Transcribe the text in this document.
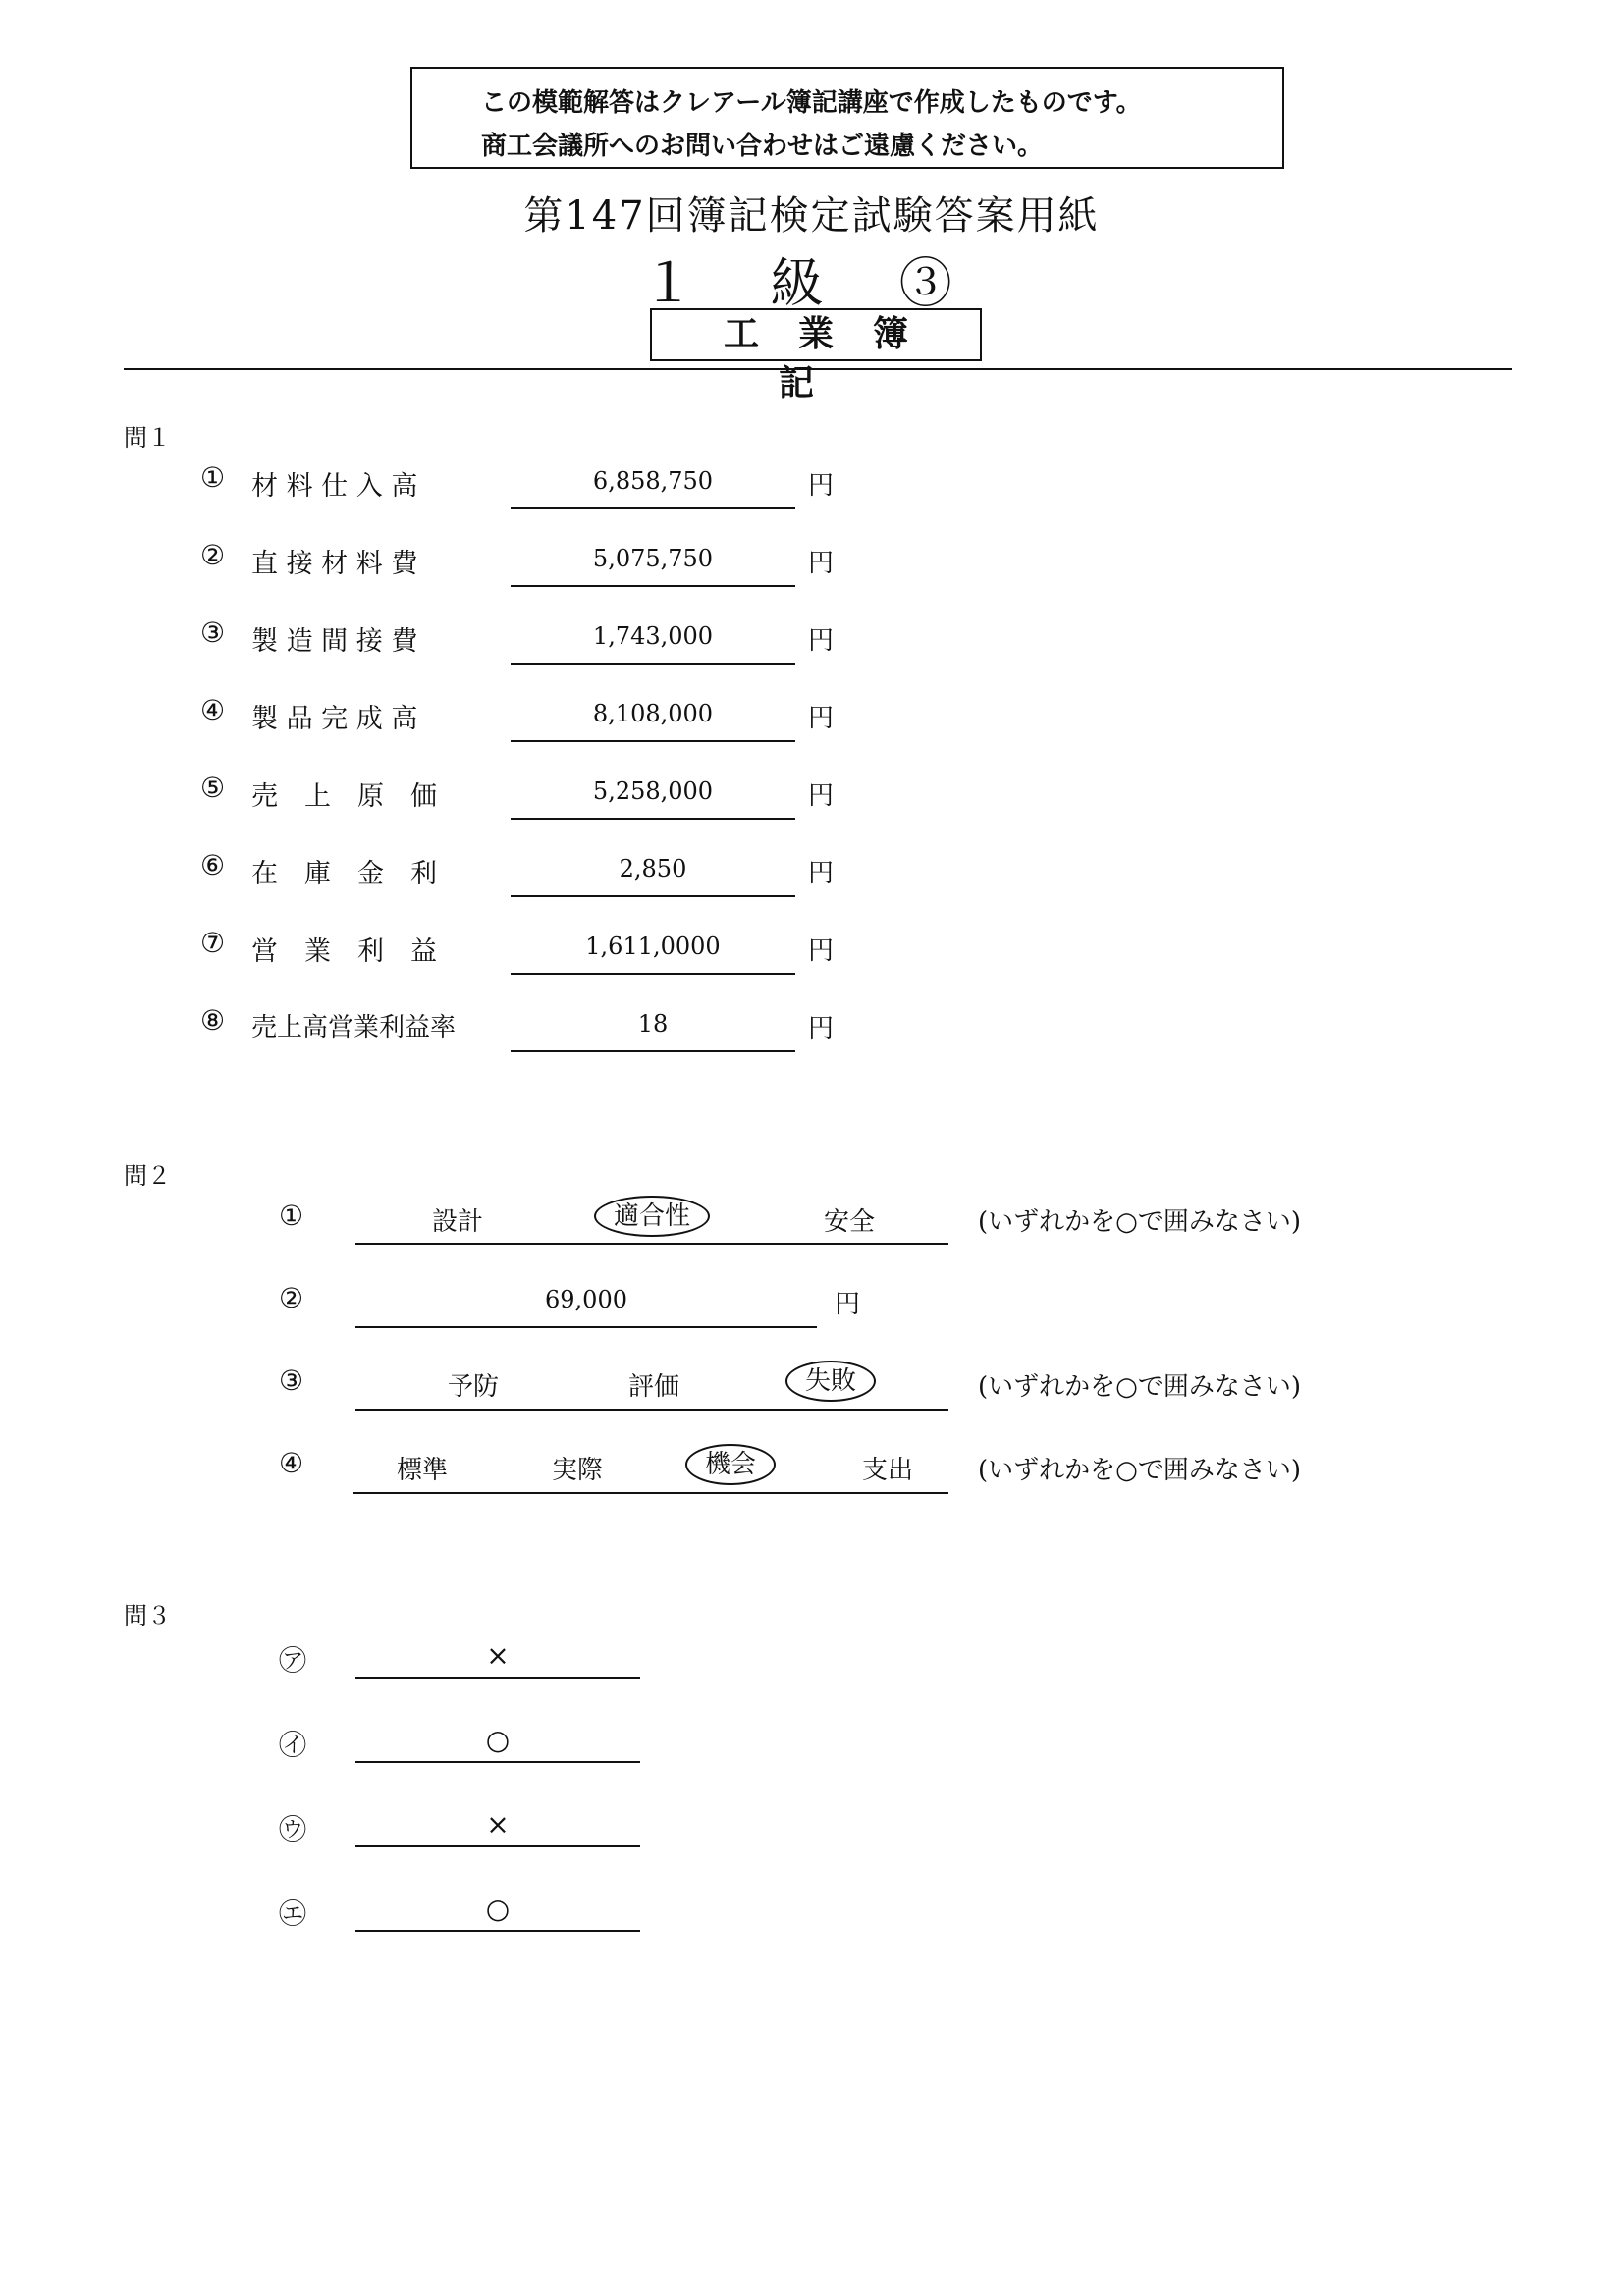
この模範解答はクレアール簿記講座で作成したものです。
商工会議所へのお問い合わせはご遠慮ください。
第147回簿記検定試験答案用紙
１ 級 ③
工業簿記
問１
① 材 料 仕 入 高	6,858,750	円
② 直 接 材 料 費	5,075,750	円
③ 製 造 間 接 費	1,743,000	円
④ 製 品 完 成 高	8,108,000	円
⑤ 売　上　原　価	5,258,000	円
⑥ 在　庫　金　利	2,850	円
⑦ 営　業　利　益	1,611,0000	円
⑧ 売上高営業利益率	18	円
問２
①	設計	適合性	安全	(いずれかを○で囲みなさい)
②	69,000	円
③	予防	評価	失敗	(いずれかを○で囲みなさい)
④	標準	実際	機会	支出	(いずれかを○で囲みなさい)
問３
㋐	×
㋑	○
㋒	×
㋓	○
